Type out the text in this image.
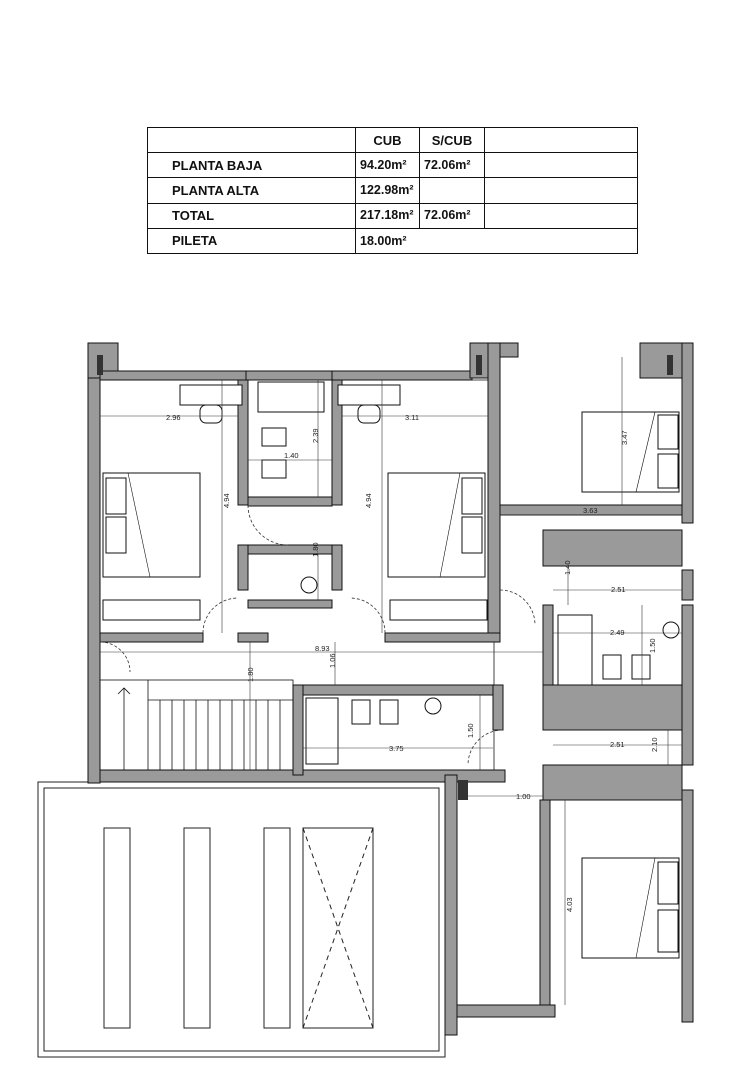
	CUB	S/CUB	
PLANTA BAJA	94.20m²	72.06m²	
PLANTA ALTA	122.98m²		
TOTAL	217.18m²	72.06m²	
PILETA	18.00m²		
2.96
4.94
1.40
2.39
1.80
3.11
4.94
3.47
3.63
1.40
2.51
2.49
1.50
8.93
1.06
1.80
3.75
1.50
2.51	2.10
1.00
4.03
